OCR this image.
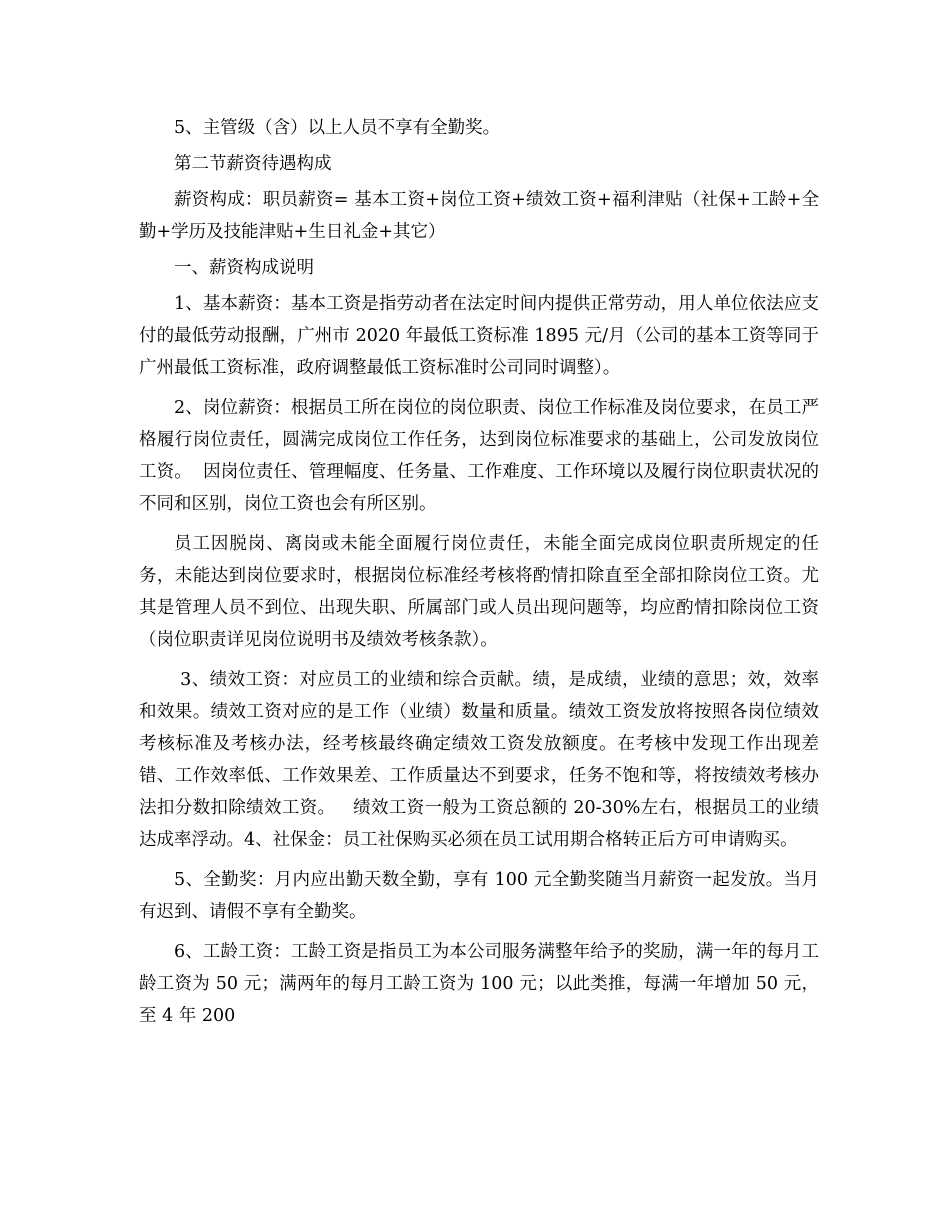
5、主管级（含）以上人员不享有全勤奖。

第二节薪资待遇构成

薪资构成：职员薪资= 基本工资+岗位工资+绩效工资+福利津贴（社保+工龄+全勤+学历及技能津贴+生日礼金+其它）

一、薪资构成说明

1、基本薪资：基本工资是指劳动者在法定时间内提供正常劳动，用人单位依法应支付的最低劳动报酬，广州市 2020 年最低工资标准 1895 元/月（公司的基本工资等同于广州最低工资标准，政府调整最低工资标准时公司同时调整）。

2、岗位薪资：根据员工所在岗位的岗位职责、岗位工作标准及岗位要求，在员工严格履行岗位责任，圆满完成岗位工作任务，达到岗位标准要求的基础上，公司发放岗位工资。  因岗位责任、管理幅度、任务量、工作难度、工作环境以及履行岗位职责状况的不同和区别，岗位工资也会有所区别。

员工因脱岗、离岗或未能全面履行岗位责任，未能全面完成岗位职责所规定的任务，未能达到岗位要求时，根据岗位标准经考核将酌情扣除直至全部扣除岗位工资。尤其是管理人员不到位、出现失职、所属部门或人员出现问题等，均应酌情扣除岗位工资（岗位职责详见岗位说明书及绩效考核条款）。

3、绩效工资：对应员工的业绩和综合贡献。绩，是成绩，业绩的意思；效，效率和效果。绩效工资对应的是工作（业绩）数量和质量。绩效工资发放将按照各岗位绩效考核标准及考核办法，经考核最终确定绩效工资发放额度。在考核中发现工作出现差错、工作效率低、工作效果差、工作质量达不到要求，任务不饱和等，将按绩效考核办法扣分数扣除绩效工资。   绩效工资一般为工资总额的 20-30%左右，根据员工的业绩达成率浮动。4、社保金：员工社保购买必须在员工试用期合格转正后方可申请购买。

5、全勤奖：月内应出勤天数全勤，享有 100 元全勤奖随当月薪资一起发放。当月有迟到、请假不享有全勤奖。

6、工龄工资：工龄工资是指员工为本公司服务满整年给予的奖励，满一年的每月工龄工资为 50 元；满两年的每月工龄工资为 100 元；以此类推，每满一年增加 50 元，至 4 年 200
